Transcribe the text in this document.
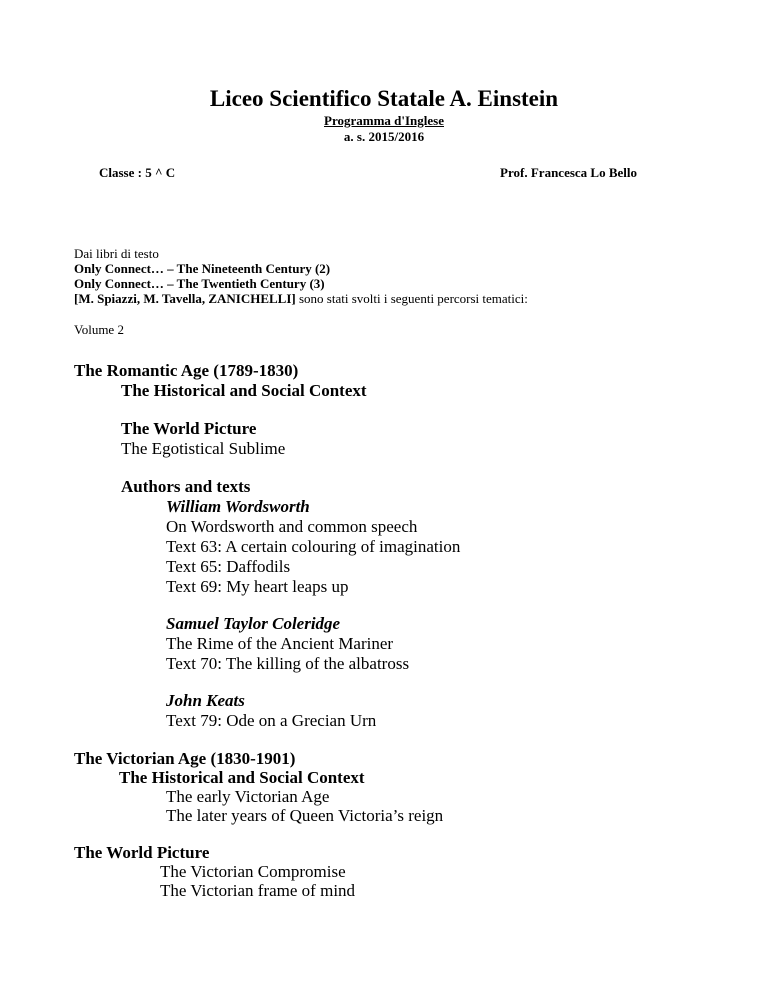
Liceo Scientifico Statale A. Einstein
Programma d'Inglese
a. s. 2015/2016
Classe : 5 ^ C	Prof. Francesca Lo Bello
Dai libri di testo
Only Connect… – The Nineteenth Century (2)
Only Connect… – The Twentieth Century (3)
[M. Spiazzi, M. Tavella, ZANICHELLI] sono stati svolti i seguenti percorsi tematici:
Volume 2
The Romantic Age (1789-1830)
The Historical and Social Context
The World Picture
The Egotistical Sublime
Authors and texts
William Wordsworth
On Wordsworth and common speech
Text 63: A certain colouring of imagination
Text 65: Daffodils
Text 69: My heart leaps up
Samuel Taylor Coleridge
The Rime of the Ancient Mariner
Text 70: The killing of the albatross
John Keats
Text 79: Ode on a Grecian Urn
The Victorian Age (1830-1901)
The Historical and Social Context
The early Victorian Age
The later years of Queen Victoria’s reign
The World Picture
The Victorian Compromise
The Victorian frame of mind
